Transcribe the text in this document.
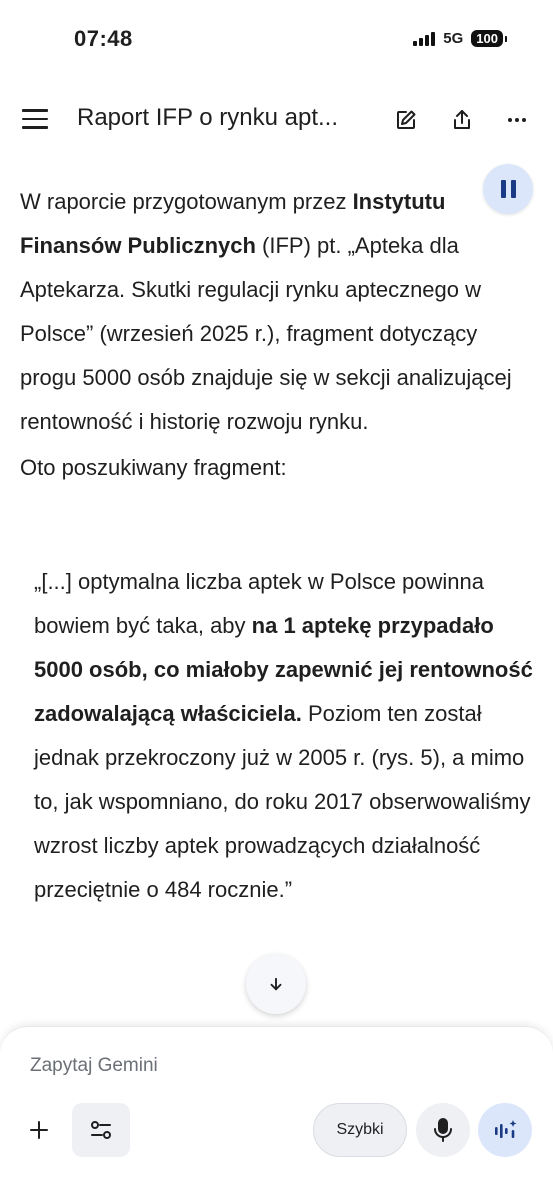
07:48	5G	100
Raport IFP o rynku apt...

W raporcie przygotowanym przez Instytutu Finansów Publicznych (IFP) pt. „Apteka dla Aptekarza. Skutki regulacji rynku aptecznego w Polsce” (wrzesień 2025 r.), fragment dotyczący progu 5000 osób znajduje się w sekcji analizującej rentowność i historię rozwoju rynku.

Oto poszukiwany fragment:

„[...] optymalna liczba aptek w Polsce powinna bowiem być taka, aby na 1 aptekę przypadało 5000 osób, co miałoby zapewnić jej rentowność zadowalającą właściciela. Poziom ten został jednak przekroczony już w 2005 r. (rys. 5), a mimo to, jak wspomniano, do roku 2017 obserwowaliśmy wzrost liczby aptek prowadzących działalność przeciętnie o 484 rocznie.”
Zapytaj Gemini
Szybki
